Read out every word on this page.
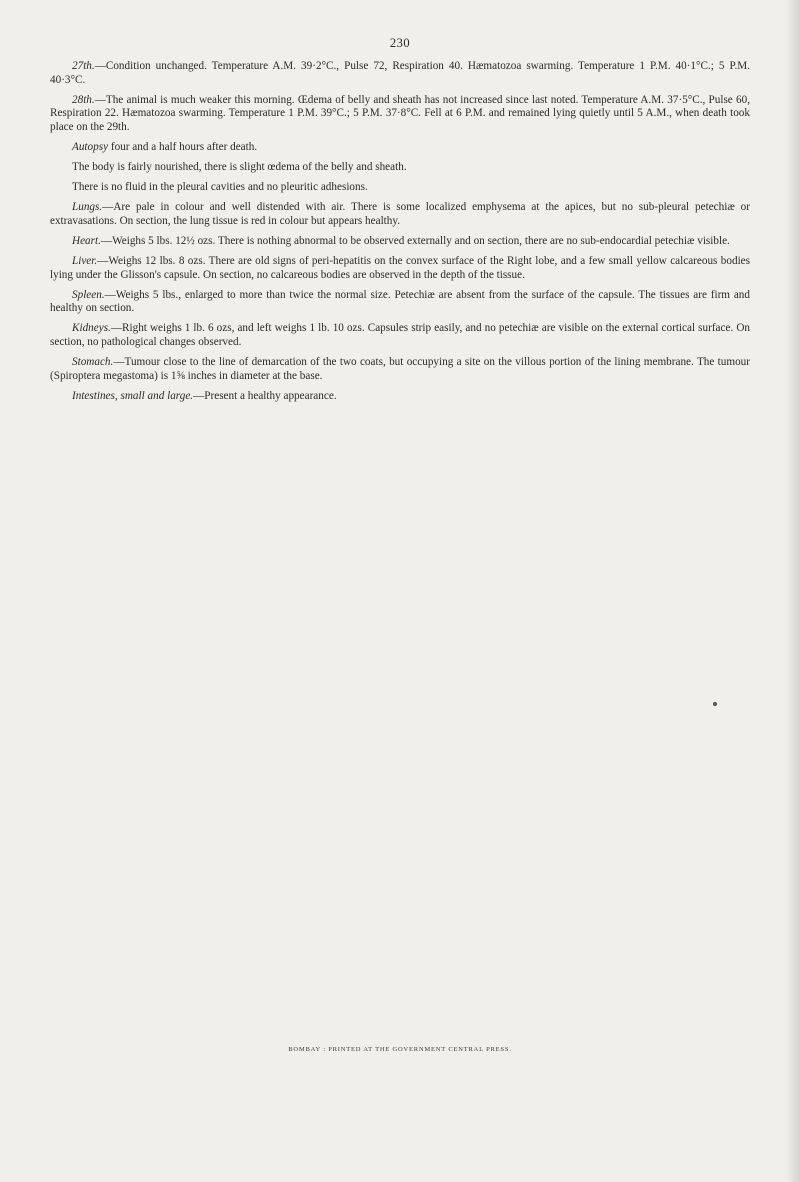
230

27th.—Condition unchanged. Temperature A.M. 39·2°C., Pulse 72, Respiration 40. Hæmatozoa swarming. Temperature 1 P.M. 40·1°C.; 5 P.M. 40·3°C.

28th.—The animal is much weaker this morning. Œdema of belly and sheath has not increased since last noted. Temperature A.M. 37·5°C., Pulse 60, Respiration 22. Hæmatozoa swarming. Temperature 1 P.M. 39°C.; 5 P.M. 37·8°C. Fell at 6 P.M. and remained lying quietly until 5 A.M., when death took place on the 29th.

Autopsy four and a half hours after death.

The body is fairly nourished, there is slight œdema of the belly and sheath.

There is no fluid in the pleural cavities and no pleuritic adhesions.

Lungs.—Are pale in colour and well distended with air. There is some localized emphysema at the apices, but no sub-pleural petechiæ or extravasations. On section, the lung tissue is red in colour but appears healthy.

Heart.—Weighs 5 lbs. 12½ ozs. There is nothing abnormal to be observed externally and on section, there are no sub-endocardial petechiæ visible.

Liver.—Weighs 12 lbs. 8 ozs. There are old signs of peri-hepatitis on the convex surface of the Right lobe, and a few small yellow calcareous bodies lying under the Glisson's capsule. On section, no calcareous bodies are observed in the depth of the tissue.

Spleen.—Weighs 5 lbs., enlarged to more than twice the normal size. Petechiæ are absent from the surface of the capsule. The tissues are firm and healthy on section.

Kidneys.—Right weighs 1 lb. 6 ozs, and left weighs 1 lb. 10 ozs. Capsules strip easily, and no petechiæ are visible on the external cortical surface. On section, no pathological changes observed.

Stomach.—Tumour close to the line of demarcation of the two coats, but occupying a site on the villous portion of the lining membrane. The tumour (Spiroptera megastoma) is 1⅝ inches in diameter at the base.

Intestines, small and large.—Present a healthy appearance.

BOMBAY : PRINTED AT THE GOVERNMENT CENTRAL PRESS.
